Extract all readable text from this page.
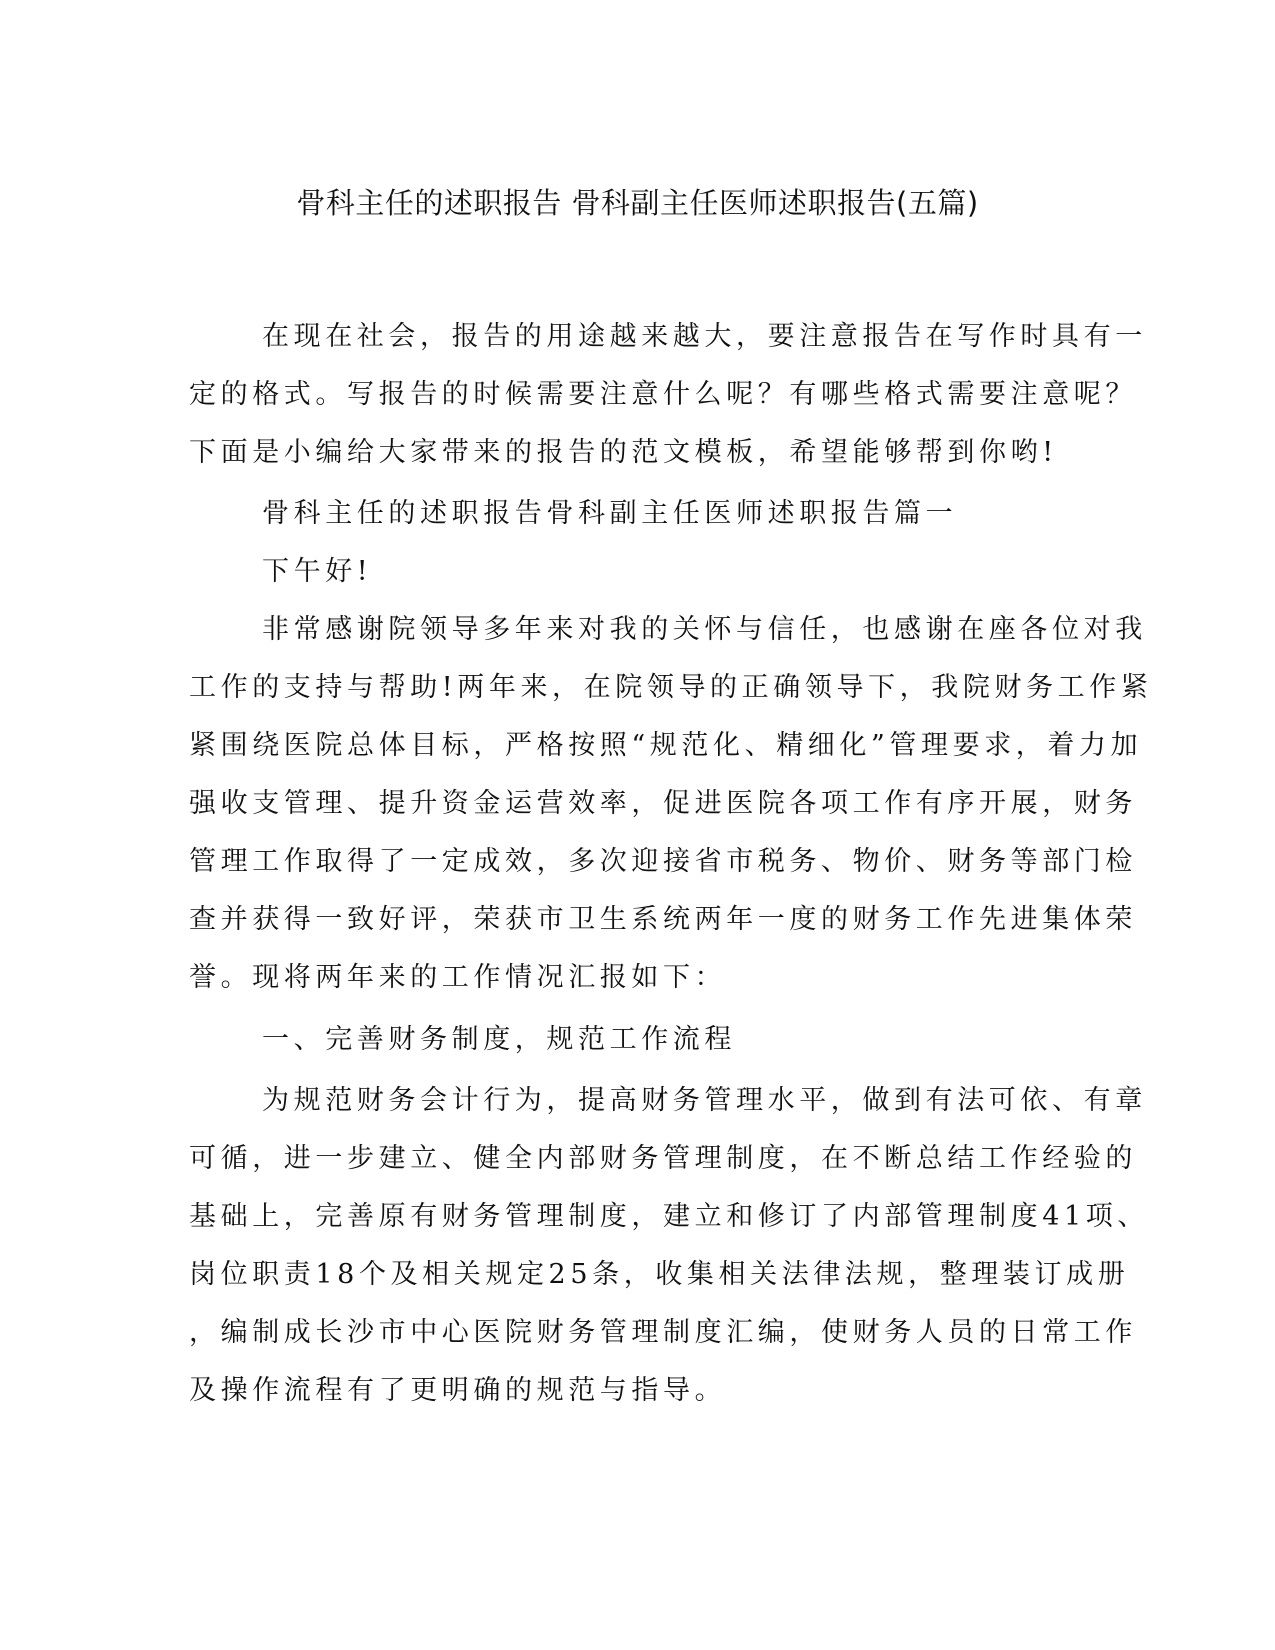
骨科主任的述职报告 骨科副主任医师述职报告(五篇)
在现在社会，报告的用途越来越大，要注意报告在写作时具有一
定的格式。写报告的时候需要注意什么呢？有哪些格式需要注意呢？
下面是小编给大家带来的报告的范文模板，希望能够帮到你哟!
骨科主任的述职报告骨科副主任医师述职报告篇一
下午好!
非常感谢院领导多年来对我的关怀与信任，也感谢在座各位对我
工作的支持与帮助!两年来，在院领导的正确领导下，我院财务工作紧
紧围绕医院总体目标，严格按照“规范化、精细化”管理要求，着力加
强收支管理、提升资金运营效率，促进医院各项工作有序开展，财务
管理工作取得了一定成效，多次迎接省市税务、物价、财务等部门检
查并获得一致好评，荣获市卫生系统两年一度的财务工作先进集体荣
誉。现将两年来的工作情况汇报如下：
一、完善财务制度，规范工作流程
为规范财务会计行为，提高财务管理水平，做到有法可依、有章
可循，进一步建立、健全内部财务管理制度，在不断总结工作经验的
基础上，完善原有财务管理制度，建立和修订了内部管理制度41项、
岗位职责18个及相关规定25条，收集相关法律法规，整理装订成册
，编制成长沙市中心医院财务管理制度汇编，使财务人员的日常工作
及操作流程有了更明确的规范与指导。
